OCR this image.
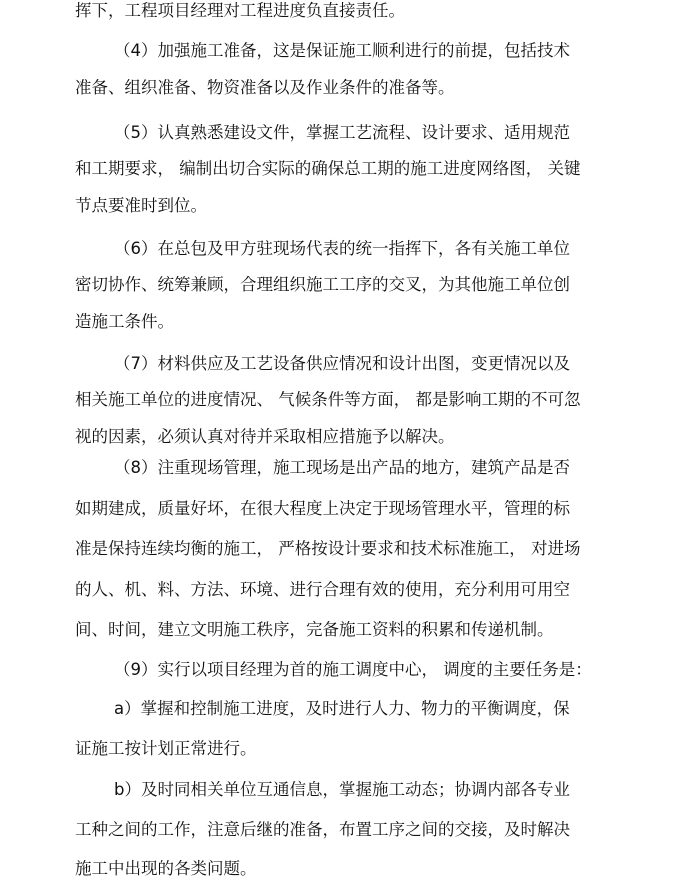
挥下，工程项目经理对工程进度负直接责任。

（4）加强施工准备，这是保证施工顺利进行的前提，包括技术

准备、组织准备、物资准备以及作业条件的准备等。

（5）认真熟悉建设文件，掌握工艺流程、设计要求、适用规范

和工期要求， 编制出切合实际的确保总工期的施工进度网络图， 关键

节点要准时到位。

（6）在总包及甲方驻现场代表的统一指挥下，各有关施工单位

密切协作、统筹兼顾，合理组织施工工序的交叉，为其他施工单位创

造施工条件。

（7）材料供应及工艺设备供应情况和设计出图，变更情况以及

相关施工单位的进度情况、 气候条件等方面， 都是影响工期的不可忽

视的因素，必须认真对待并采取相应措施予以解决。

（8）注重现场管理，施工现场是出产品的地方，建筑产品是否

如期建成，质量好坏，在很大程度上决定于现场管理水平，管理的标

准是保持连续均衡的施工， 严格按设计要求和技术标准施工， 对进场

的人、机、料、方法、环境、进行合理有效的使用，充分利用可用空

间、时间，建立文明施工秩序，完备施工资料的积累和传递机制。

（9）实行以项目经理为首的施工调度中心， 调度的主要任务是：

a）掌握和控制施工进度，及时进行人力、物力的平衡调度，保

证施工按计划正常进行。

b）及时同相关单位互通信息，掌握施工动态；协调内部各专业

工种之间的工作，注意后继的准备，布置工序之间的交接，及时解决

施工中出现的各类问题。
